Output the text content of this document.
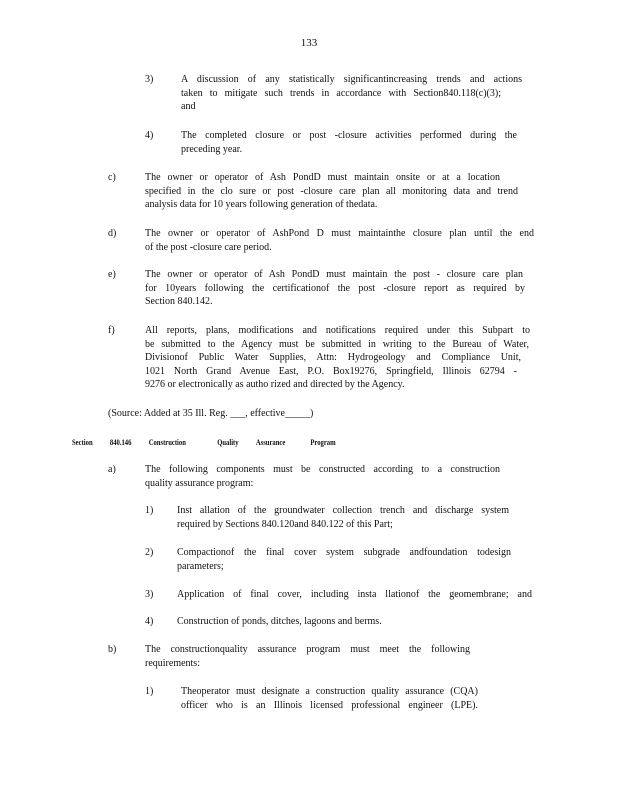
133
3)	A discussion of any statistically significantincreasing trends and actions
taken to mitigate such trends in accordance with Section840.118(c)(3);
and
4)	The completed closure or post -closure activities performed during the
preceding year.
c)	The owner or operator of Ash PondD must maintain onsite or at a location
specified in the clo sure or post -closure care plan all monitoring data and trend
analysis data for 10 years following generation of thedata.
d)	The owner or operator of AshPond D must maintainthe closure plan until the end
of the post -closure care period.
e)	The owner or operator of Ash PondD must maintain the post - closure care plan
for 10years following the certificationof the post -closure report as required by
Section 840.142.
f)	All reports, plans, modifications and notifications required under this Subpart to
be submitted to the Agency must be submitted in writing to the Bureau of Water,
Divisionof Public Water Supplies, Attn: Hydrogeology and Compliance Unit,
1021 North Grand Avenue East, P.O. Box19276, Springfield, Illinois 62794 -
9276 or electronically as autho rized and directed by the Agency.
(Source: Added at 35 Ill. Reg. ___, effective_____)
Section 840.146 Construction	Quality Assurance	Program
a)	The following components must be constructed according to a construction
quality assurance program:
1) Inst allation of the groundwater collection trench and discharge system
required by Sections 840.120and 840.122 of this Part;
2) Compactionof the final cover system subgrade andfoundation todesign
parameters;
3) Application of final cover, including insta llationof the geomembrane; and
4) Construction of ponds, ditches, lagoons and berms.
b)	The constructionquality assurance program must meet the following
requirements:
1)	Theoperator must designate a construction quality assurance (CQA)
officer who is an Illinois licensed professional engineer (LPE).
